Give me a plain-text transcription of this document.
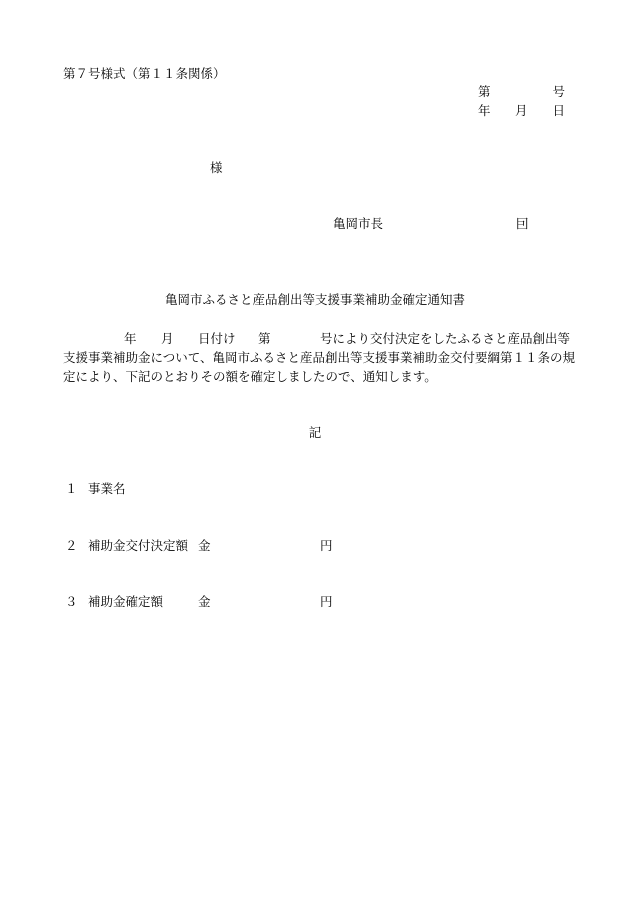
第７号様式（第１１条関係）
第	号
年 月 日
様
亀岡市長	囙
亀岡市ふるさと産品創出等支援事業補助金確定通知書
年 月 日付け 第	号により交付決定をしたふるさと産品創出等
支援事業補助金について、亀岡市ふるさと産品創出等支援事業補助金交付要綱第１１条の規
定により、下記のとおりその額を確定しましたので、通知します。
記
１ 事業名
２ 補助金交付決定額 金	円
３ 補助金確定額	金	円
